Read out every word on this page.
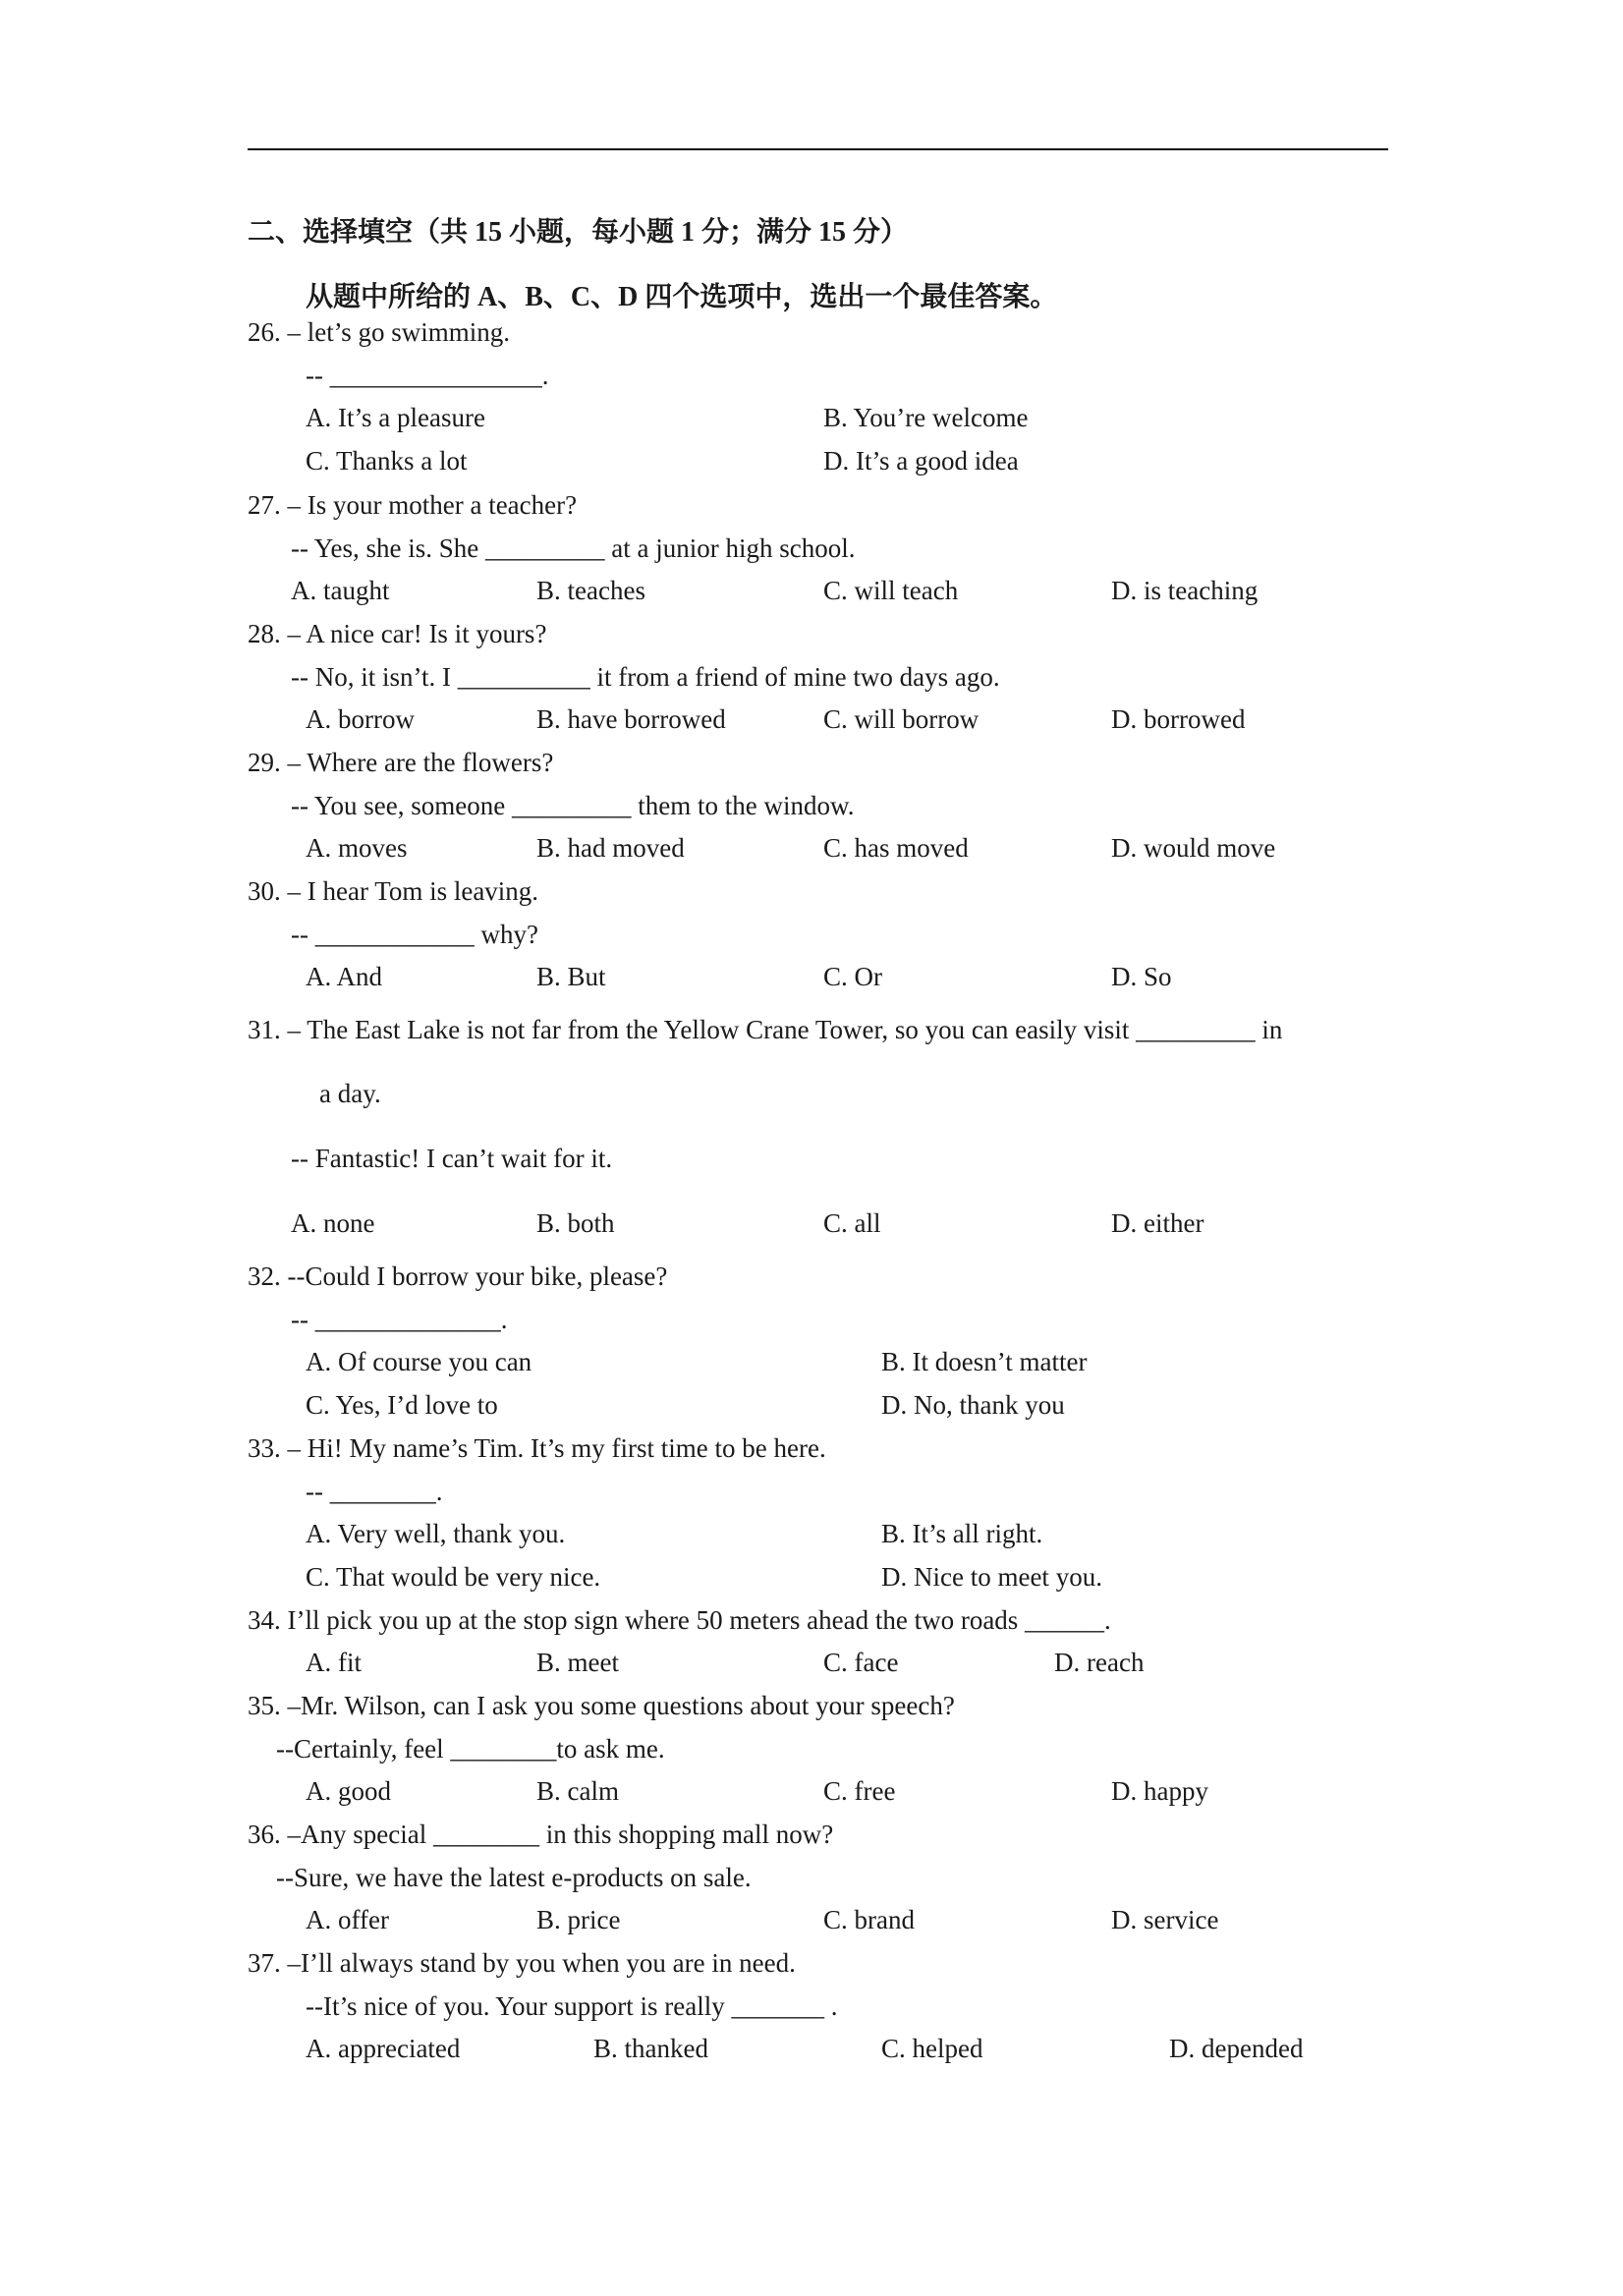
二、选择填空（共 15 小题，每小题 1 分；满分 15 分）
从题中所给的 A、B、C、D 四个选项中，选出一个最佳答案。
26. – let’s go swimming.
-- ________________.
A. It’s a pleasure	B. You’re welcome
C. Thanks a lot	D. It’s a good idea
27. – Is your mother a teacher?
-- Yes, she is. She _________ at a junior high school.
A. taught	B. teaches	C. will teach	D. is teaching
28. – A nice car! Is it yours?
-- No, it isn’t. I __________ it from a friend of mine two days ago.
A. borrow	B. have borrowed	C. will borrow	D. borrowed
29. – Where are the flowers?
-- You see, someone _________ them to the window.
A. moves	B. had moved	C. has moved	D. would move
30. – I hear Tom is leaving.
-- ____________ why?
A. And	B. But	C. Or	D. So
31. – The East Lake is not far from the Yellow Crane Tower, so you can easily visit _________ in
a day.
-- Fantastic! I can’t wait for it.
A. none	B. both	C. all	D. either
32. --Could I borrow your bike, please?
-- ______________.
A. Of course you can	B. It doesn’t matter
C. Yes, I’d love to	D. No, thank you
33. – Hi! My name’s Tim. It’s my first time to be here.
-- ________.
A. Very well, thank you.	B. It’s all right.
C. That would be very nice.	D. Nice to meet you.
34. I’ll pick you up at the stop sign where 50 meters ahead the two roads ______.
A. fit	B. meet	C. face	D. reach
35. –Mr. Wilson, can I ask you some questions about your speech?
--Certainly, feel ________to ask me.
A. good	B. calm	C. free	D. happy
36. –Any special ________ in this shopping mall now?
--Sure, we have the latest e-products on sale.
A. offer	B. price	C. brand	D. service
37. –I’ll always stand by you when you are in need.
--It’s nice of you. Your support is really _______ .
A. appreciated	B. thanked	C. helped	D. depended
